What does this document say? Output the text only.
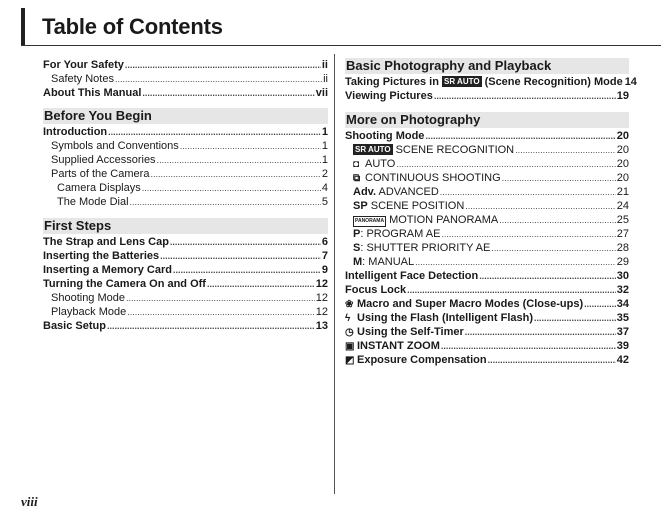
Table of Contents
For Your Safety .....	ii
Safety Notes .....	ii
About This Manual .....	vii
Before You Begin
Introduction .....	1
Symbols and Conventions .....	1
Supplied Accessories .....	1
Parts of the Camera .....	2
Camera Displays .....	4
The Mode Dial .....	5
First Steps
The Strap and Lens Cap .....	6
Inserting the Batteries .....	7
Inserting a Memory Card .....	9
Turning the Camera On and Off .....	12
Shooting Mode .....	12
Playback Mode .....	12
Basic Setup .....	13
Basic Photography and Playback
Taking Pictures in SR AUTO (Scene Recognition) Mode 14
Viewing Pictures .....	19
More on Photography
Shooting Mode .....	20
SR AUTO SCENE RECOGNITION .....	20
◘ AUTO .....	20
⧉ CONTINUOUS SHOOTING .....	20
Adv. ADVANCED .....	21
SP SCENE POSITION .....	24
PANORAMA MOTION PANORAMA .....	25
P: PROGRAM AE .....	27
S: SHUTTER PRIORITY AE .....	28
M: MANUAL .....	29
Intelligent Face Detection .....	30
Focus Lock .....	32
❀ Macro and Super Macro Modes (Close-ups) .....	34
ϟ Using the Flash (Intelligent Flash) .....	35
◷ Using the Self-Timer .....	37
▣ INSTANT ZOOM .....	39
◩ Exposure Compensation .....	42
viii
